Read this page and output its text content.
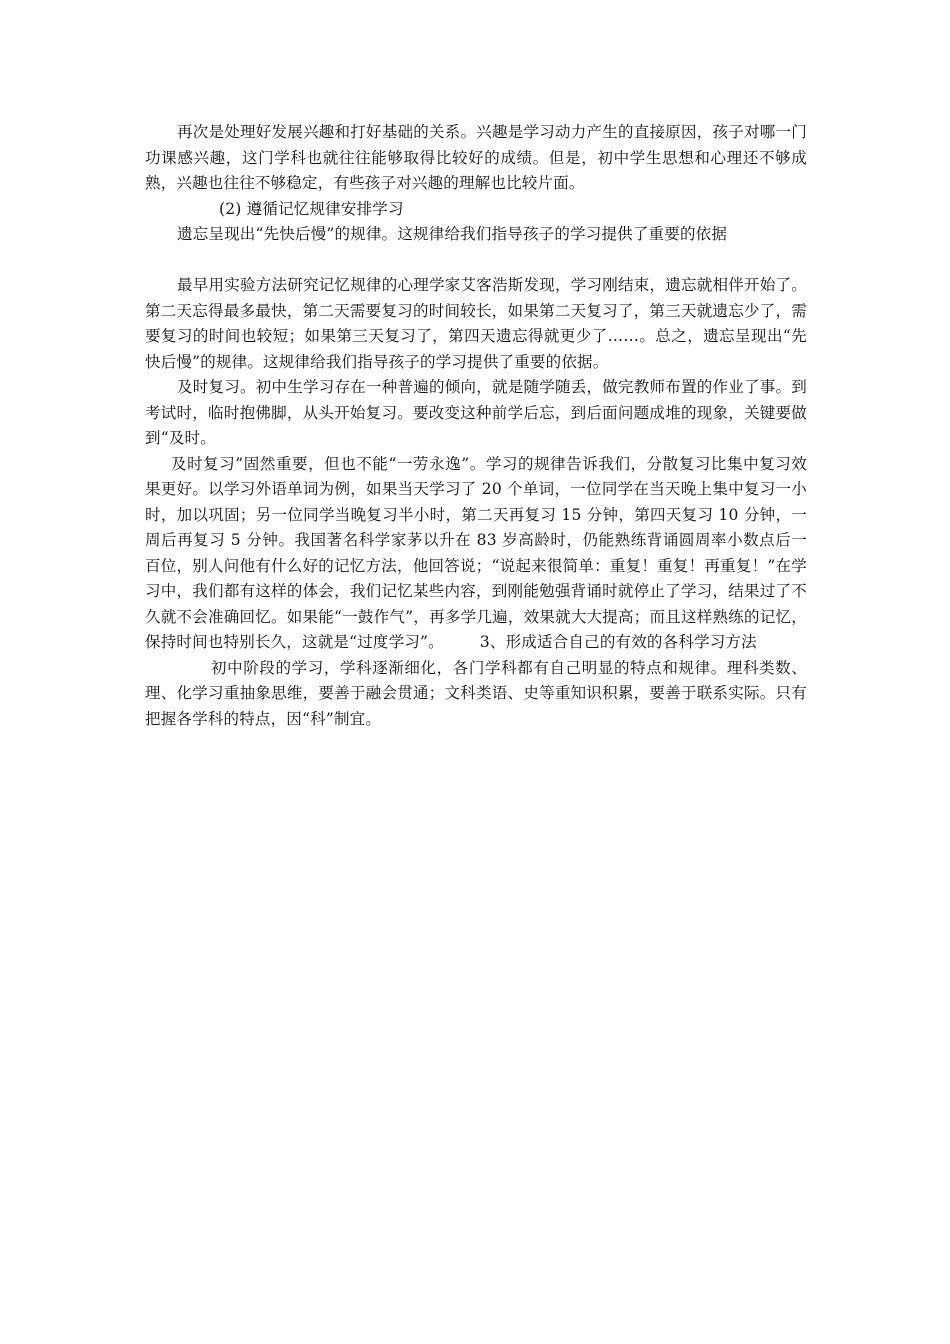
再次是处理好发展兴趣和打好基础的关系。兴趣是学习动力产生的直接原因，孩子对哪一门功课感兴趣，这门学科也就往往能够取得比较好的成绩。但是，初中学生思想和心理还不够成熟，兴趣也往往不够稳定，有些孩子对兴趣的理解也比较片面。

(2) 遵循记忆规律安排学习

遗忘呈现出“先快后慢”的规律。这规律给我们指导孩子的学习提供了重要的依据

最早用实验方法研究记忆规律的心理学家艾客浩斯发现，学习刚结束，遗忘就相伴开始了。第二天忘得最多最快，第二天需要复习的时间较长，如果第二天复习了，第三天就遗忘少了，需要复习的时间也较短；如果第三天复习了，第四天遗忘得就更少了……。总之，遗忘呈现出“先快后慢”的规律。这规律给我们指导孩子的学习提供了重要的依据。

及时复习。初中生学习存在一种普遍的倾向，就是随学随丢，做完教师布置的作业了事。到考试时，临时抱佛脚，从头开始复习。要改变这种前学后忘，到后面问题成堆的现象，关键要做到“及时。

及时复习”固然重要，但也不能“一劳永逸”。学习的规律告诉我们，分散复习比集中复习效果更好。以学习外语单词为例，如果当天学习了 20 个单词，一位同学在当天晚上集中复习一小时，加以巩固；另一位同学当晚复习半小时，第二天再复习 15 分钟，第四天复习 10 分钟，一周后再复习 5 分钟。我国著名科学家茅以升在 83 岁高龄时，仍能熟练背诵圆周率小数点后一百位，别人问他有什么好的记忆方法，他回答说；“说起来很简单：重复！重复！再重复！”在学习中，我们都有这样的体会，我们记忆某些内容，到刚能勉强背诵时就停止了学习，结果过了不久就不会准确回忆。如果能“一鼓作气”，再多学几遍，效果就大大提高；而且这样熟练的记忆，保持时间也特别长久，这就是“过度学习”。 3、形成适合自己的有效的各科学习方法

初中阶段的学习，学科逐渐细化，各门学科都有自己明显的特点和规律。理科类数、理、化学习重抽象思维，要善于融会贯通；文科类语、史等重知识积累，要善于联系实际。只有把握各学科的特点，因“科”制宜。
